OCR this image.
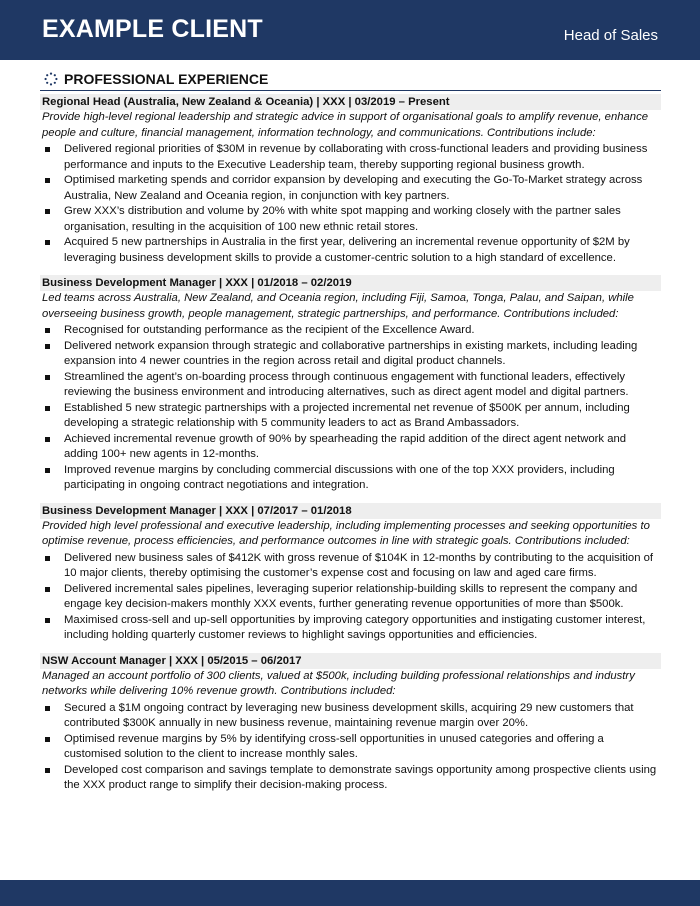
EXAMPLE CLIENT	Head of Sales
PROFESSIONAL EXPERIENCE
Regional Head (Australia, New Zealand & Oceania) | XXX | 03/2019 – Present
Provide high-level regional leadership and strategic advice in support of organisational goals to amplify revenue, enhance people and culture, financial management, information technology, and communications. Contributions include:
Delivered regional priorities of $30M in revenue by collaborating with cross-functional leaders and providing business performance and inputs to the Executive Leadership team, thereby supporting regional business growth.
Optimised marketing spends and corridor expansion by developing and executing the Go-To-Market strategy across Australia, New Zealand and Oceania region, in conjunction with key partners.
Grew XXX’s distribution and volume by 20% with white spot mapping and working closely with the partner sales organisation, resulting in the acquisition of 100 new ethnic retail stores.
Acquired 5 new partnerships in Australia in the first year, delivering an incremental revenue opportunity of $2M by leveraging business development skills to provide a customer-centric solution to a high standard of excellence.
Business Development Manager | XXX | 01/2018 – 02/2019
Led teams across Australia, New Zealand, and Oceania region, including Fiji, Samoa, Tonga, Palau, and Saipan, while overseeing business growth, people management, strategic partnerships, and performance. Contributions included:
Recognised for outstanding performance as the recipient of the Excellence Award.
Delivered network expansion through strategic and collaborative partnerships in existing markets, including leading expansion into 4 newer countries in the region across retail and digital product channels.
Streamlined the agent’s on-boarding process through continuous engagement with functional leaders, effectively reviewing the business environment and introducing alternatives, such as direct agent model and digital partners.
Established 5 new strategic partnerships with a projected incremental net revenue of $500K per annum, including developing a strategic relationship with 5 community leaders to act as Brand Ambassadors.
Achieved incremental revenue growth of 90% by spearheading the rapid addition of the direct agent network and adding 100+ new agents in 12-months.
Improved revenue margins by concluding commercial discussions with one of the top XXX providers, including participating in ongoing contract negotiations and integration.
Business Development Manager | XXX | 07/2017 – 01/2018
Provided high level professional and executive leadership, including implementing processes and seeking opportunities to optimise revenue, process efficiencies, and performance outcomes in line with strategic goals. Contributions included:
Delivered new business sales of $412K with gross revenue of $104K in 12-months by contributing to the acquisition of 10 major clients, thereby optimising the customer’s expense cost and focusing on law and aged care firms.
Delivered incremental sales pipelines, leveraging superior relationship-building skills to represent the company and engage key decision-makers monthly XXX events, further generating revenue opportunities of more than $500k.
Maximised cross-sell and up-sell opportunities by improving category opportunities and instigating customer interest, including holding quarterly customer reviews to highlight savings opportunities and efficiencies.
NSW Account Manager | XXX | 05/2015 – 06/2017
Managed an account portfolio of 300 clients, valued at $500k, including building professional relationships and industry networks while delivering 10% revenue growth. Contributions included:
Secured a $1M ongoing contract by leveraging new business development skills, acquiring 29 new customers that contributed $300K annually in new business revenue, maintaining revenue margin over 20%.
Optimised revenue margins by 5% by identifying cross-sell opportunities in unused categories and offering a customised solution to the client to increase monthly sales.
Developed cost comparison and savings template to demonstrate savings opportunity among prospective clients using the XXX product range to simplify their decision-making process.
